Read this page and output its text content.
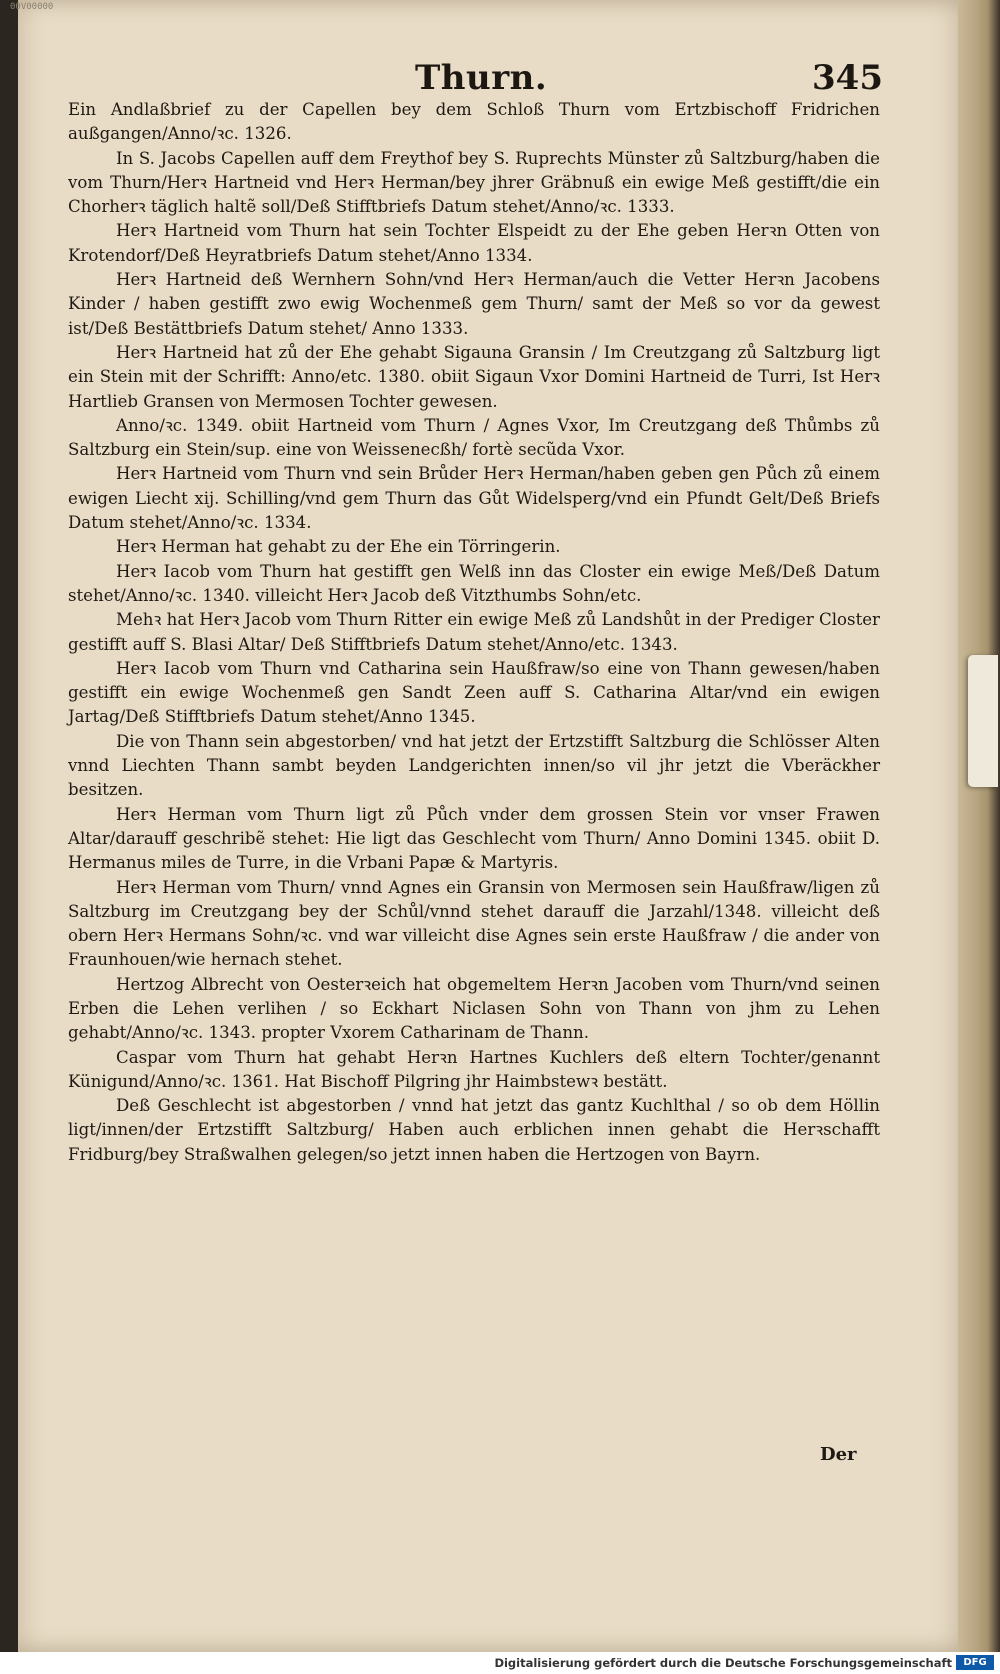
00V00000
Thurn.	345

Ein Andlaßbrief zu der Capellen bey dem Schloß Thurn vom Ertzbischoff Fridrichen außgangen/Anno/ꝛc. 1326.

In S. Jacobs Capellen auff dem Freythof bey S. Ruprechts Münster zů Saltzburg/haben die vom Thurn/Herꝛ Hartneid vnd Herꝛ Herman/bey jhrer Gräbnuß ein ewige Meß gestifft/die ein Chorherꝛ täglich haltẽ soll/Deß Stifftbriefs Datum stehet/Anno/ꝛc. 1333.

Herꝛ Hartneid vom Thurn hat sein Tochter Elspeidt zu der Ehe geben Herꝛn Otten von Krotendorf/Deß Heyratbriefs Datum stehet/Anno 1334.

Herꝛ Hartneid deß Wernhern Sohn/vnd Herꝛ Herman/auch die Vetter Herꝛn Jacobens Kinder / haben gestifft zwo ewig Wochenmeß gem Thurn/ samt der Meß so vor da gewest ist/Deß Bestättbriefs Datum stehet/ Anno 1333.

Herꝛ Hartneid hat zů der Ehe gehabt Sigauna Gransin / Im Creutzgang zů Saltzburg ligt ein Stein mit der Schrifft: Anno/etc. 1380. obiit Sigaun Vxor Domini Hartneid de Turri, Ist Herꝛ Hartlieb Gransen von Mermosen Tochter gewesen.

Anno/ꝛc. 1349. obiit Hartneid vom Thurn / Agnes Vxor, Im Creutzgang deß Thůmbs zů Saltzburg ein Stein/sup. eine von Weissenecßh/ fortè secũda Vxor.

Herꝛ Hartneid vom Thurn vnd sein Brůder Herꝛ Herman/haben geben gen Půch zů einem ewigen Liecht xij. Schilling/vnd gem Thurn das Gůt Widelsperg/vnd ein Pfundt Gelt/Deß Briefs Datum stehet/Anno/ꝛc. 1334.

Herꝛ Herman hat gehabt zu der Ehe ein Törringerin.

Herꝛ Iacob vom Thurn hat gestifft gen Welß inn das Closter ein ewige Meß/Deß Datum stehet/Anno/ꝛc. 1340. villeicht Herꝛ Jacob deß Vitzthumbs Sohn/etc.

Mehꝛ hat Herꝛ Jacob vom Thurn Ritter ein ewige Meß zů Landshůt in der Prediger Closter gestifft auff S. Blasi Altar/ Deß Stifftbriefs Datum stehet/Anno/etc. 1343.

Herꝛ Iacob vom Thurn vnd Catharina sein Haußfraw/so eine von Thann gewesen/haben gestifft ein ewige Wochenmeß gen Sandt Zeen auff S. Catharina Altar/vnd ein ewigen Jartag/Deß Stifftbriefs Datum stehet/Anno 1345.

Die von Thann sein abgestorben/ vnd hat jetzt der Ertzstifft Saltzburg die Schlösser Alten vnnd Liechten Thann sambt beyden Landgerichten innen/so vil jhr jetzt die Vberäckher besitzen.

Herꝛ Herman vom Thurn ligt zů Půch vnder dem grossen Stein vor vnser Frawen Altar/darauff geschribẽ stehet: Hie ligt das Geschlecht vom Thurn/ Anno Domini 1345. obiit D. Hermanus miles de Turre, in die Vrbani Papæ & Martyris.

Herꝛ Herman vom Thurn/ vnnd Agnes ein Gransin von Mermosen sein Haußfraw/ligen zů Saltzburg im Creutzgang bey der Schůl/vnnd stehet darauff die Jarzahl/1348. villeicht deß obern Herꝛ Hermans Sohn/ꝛc. vnd war villeicht dise Agnes sein erste Haußfraw / die ander von Fraunhouen/wie hernach stehet.

Hertzog Albrecht von Oesterꝛeich hat obgemeltem Herꝛn Jacoben vom Thurn/vnd seinen Erben die Lehen verlihen / so Eckhart Niclasen Sohn von Thann von jhm zu Lehen gehabt/Anno/ꝛc. 1343. propter Vxorem Catharinam de Thann.

Caspar vom Thurn hat gehabt Herꝛn Hartnes Kuchlers deß eltern Tochter/genannt Künigund/Anno/ꝛc. 1361. Hat Bischoff Pilgring jhr Haimbstewꝛ bestätt.

Deß Geschlecht ist abgestorben / vnnd hat jetzt das gantz Kuchlthal / so ob dem Höllin ligt/innen/der Ertzstifft Saltzburg/ Haben auch erblichen innen gehabt die Herꝛschafft Fridburg/bey Straßwalhen gelegen/so jetzt innen haben die Hertzogen von Bayrn.

Der
Digitalisierung gefördert durch die Deutsche Forschungsgemeinschaft	DFG
